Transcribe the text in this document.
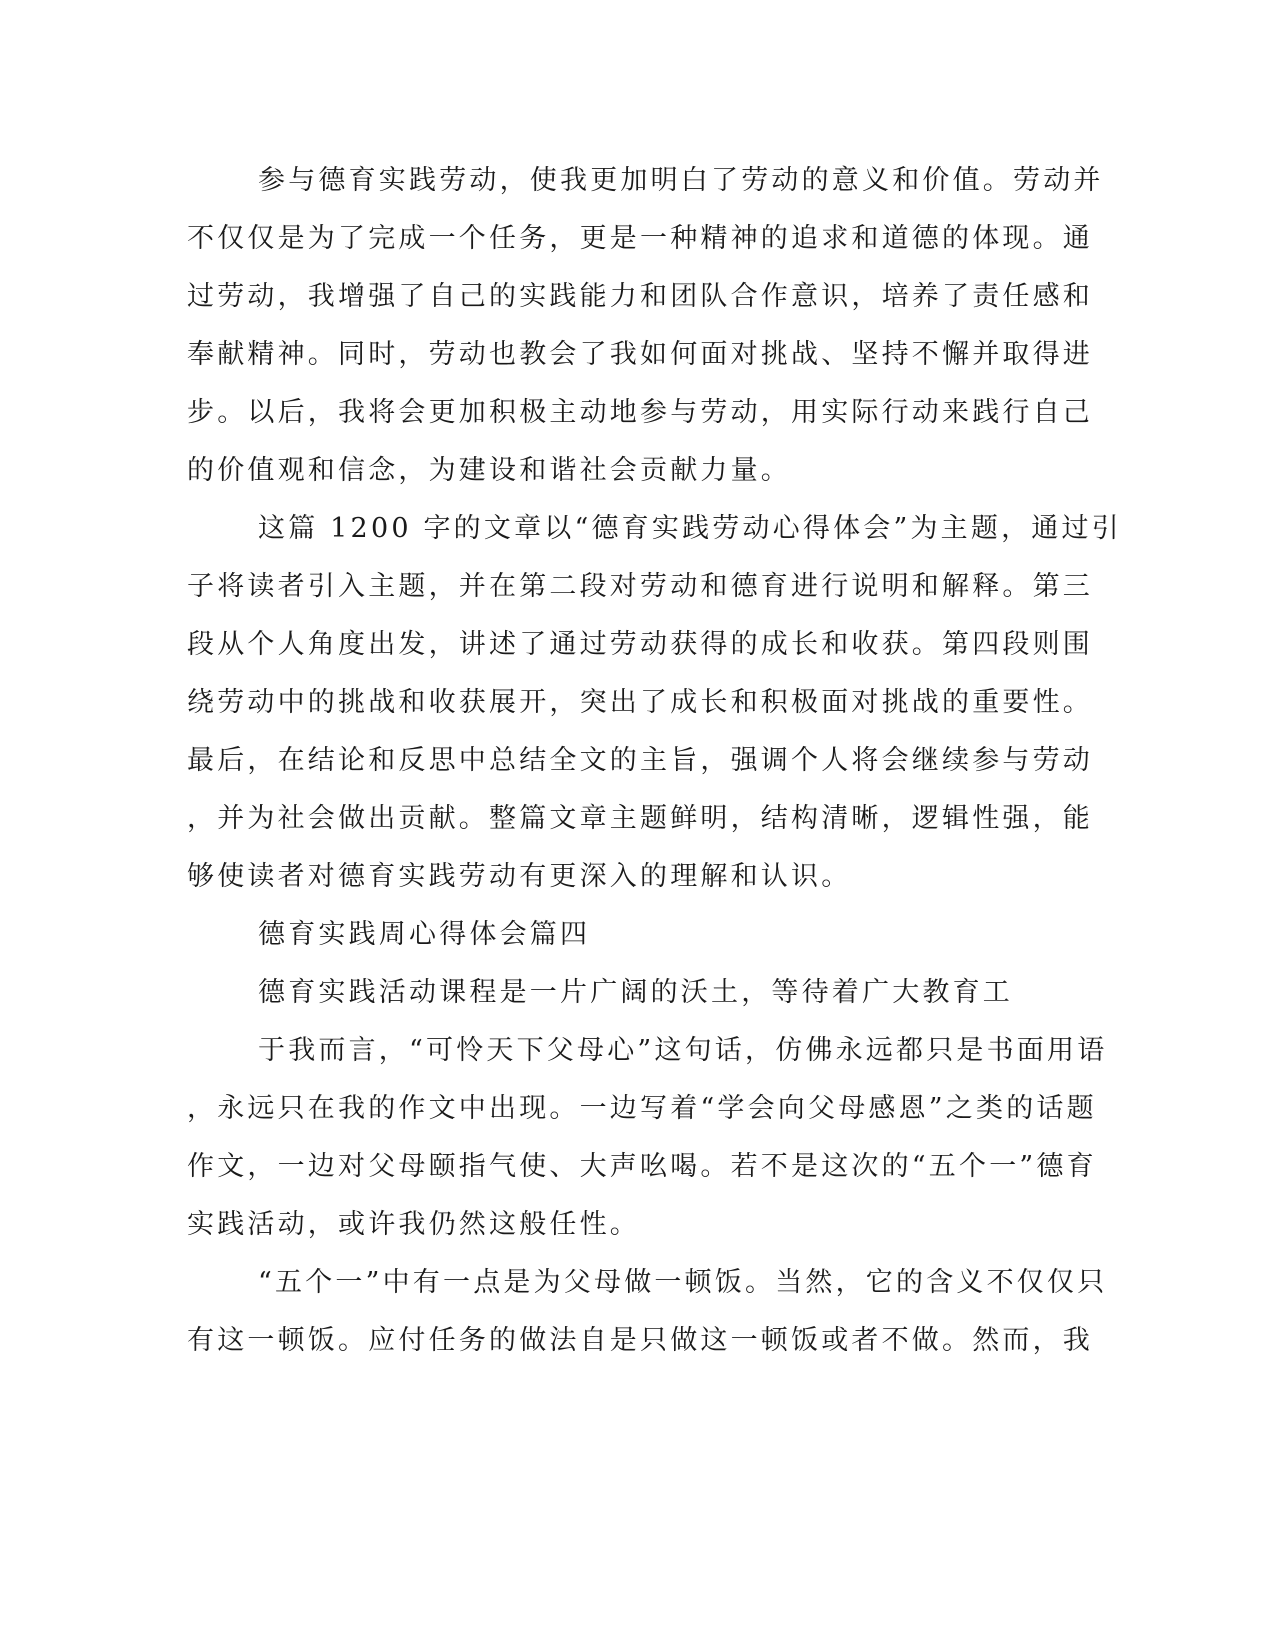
参与德育实践劳动，使我更加明白了劳动的意义和价值。劳动并

不仅仅是为了完成一个任务，更是一种精神的追求和道德的体现。通

过劳动，我增强了自己的实践能力和团队合作意识，培养了责任感和

奉献精神。同时，劳动也教会了我如何面对挑战、坚持不懈并取得进

步。以后，我将会更加积极主动地参与劳动，用实际行动来践行自己

的价值观和信念，为建设和谐社会贡献力量。

这篇 1200 字的文章以“德育实践劳动心得体会”为主题，通过引

子将读者引入主题，并在第二段对劳动和德育进行说明和解释。第三

段从个人角度出发，讲述了通过劳动获得的成长和收获。第四段则围

绕劳动中的挑战和收获展开，突出了成长和积极面对挑战的重要性。

最后，在结论和反思中总结全文的主旨，强调个人将会继续参与劳动

，并为社会做出贡献。整篇文章主题鲜明，结构清晰，逻辑性强，能

够使读者对德育实践劳动有更深入的理解和认识。

德育实践周心得体会篇四

德育实践活动课程是一片广阔的沃土，等待着广大教育工

于我而言，“可怜天下父母心”这句话，仿佛永远都只是书面用语

，永远只在我的作文中出现。一边写着“学会向父母感恩”之类的话题

作文，一边对父母颐指气使、大声吆喝。若不是这次的“五个一”德育

实践活动，或许我仍然这般任性。

“五个一”中有一点是为父母做一顿饭。当然，它的含义不仅仅只

有这一顿饭。应付任务的做法自是只做这一顿饭或者不做。然而，我
